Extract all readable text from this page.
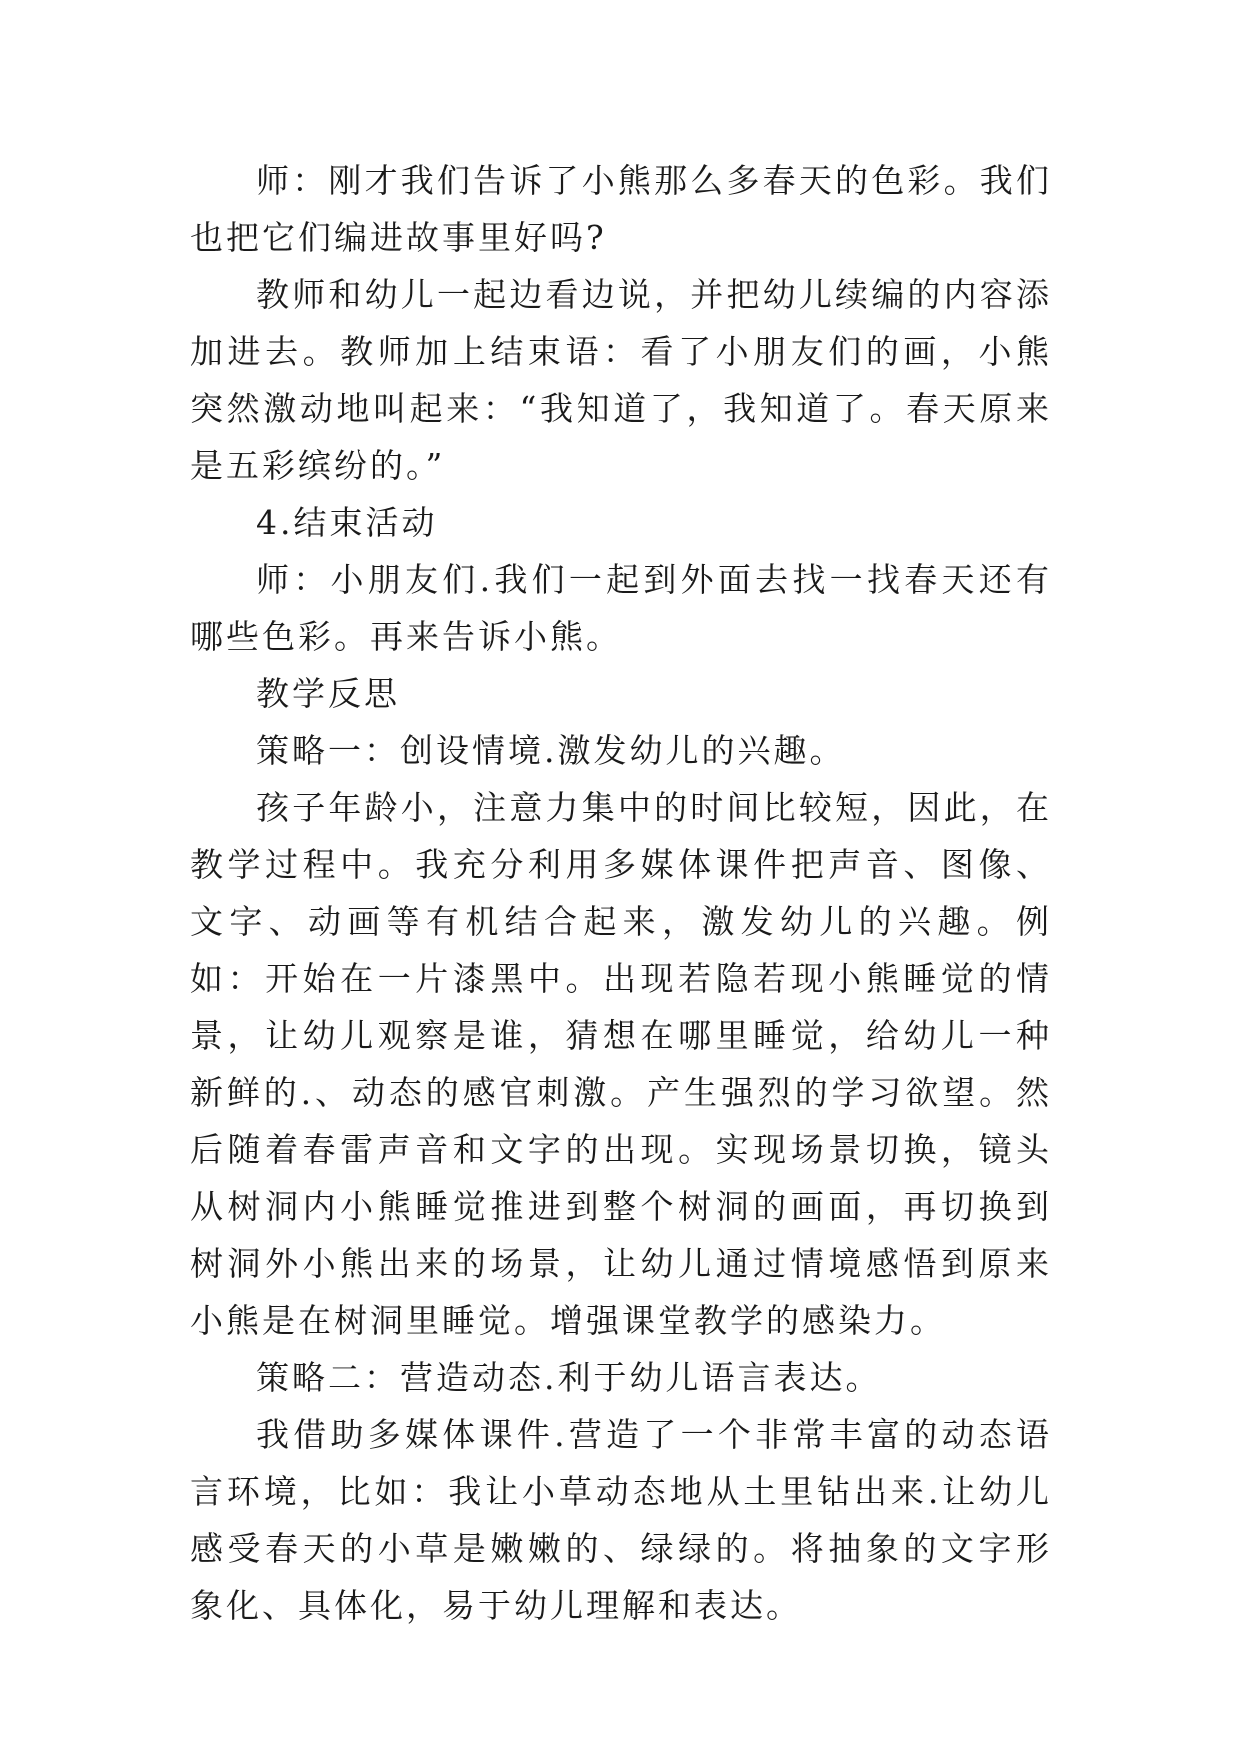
师：刚才我们告诉了小熊那么多春天的色彩。我们也把它们编进故事里好吗?

教师和幼儿一起边看边说，并把幼儿续编的内容添加进去。教师加上结束语：看了小朋友们的画，小熊突然激动地叫起来：“我知道了，我知道了。春天原来是五彩缤纷的。”

4.结束活动

师：小朋友们.我们一起到外面去找一找春天还有哪些色彩。再来告诉小熊。

教学反思

策略一：创设情境.激发幼儿的兴趣。

孩子年龄小，注意力集中的时间比较短，因此，在教学过程中。我充分利用多媒体课件把声音、图像、文字、动画等有机结合起来，激发幼儿的兴趣。例如：开始在一片漆黑中。出现若隐若现小熊睡觉的情景，让幼儿观察是谁，猜想在哪里睡觉，给幼儿一种新鲜的.、动态的感官刺激。产生强烈的学习欲望。然后随着春雷声音和文字的出现。实现场景切换，镜头从树洞内小熊睡觉推进到整个树洞的画面，再切换到树洞外小熊出来的场景，让幼儿通过情境感悟到原来小熊是在树洞里睡觉。增强课堂教学的感染力。

策略二：营造动态.利于幼儿语言表达。

我借助多媒体课件.营造了一个非常丰富的动态语言环境，比如：我让小草动态地从土里钻出来.让幼儿感受春天的小草是嫩嫩的、绿绿的。将抽象的文字形象化、具体化，易于幼儿理解和表达。
